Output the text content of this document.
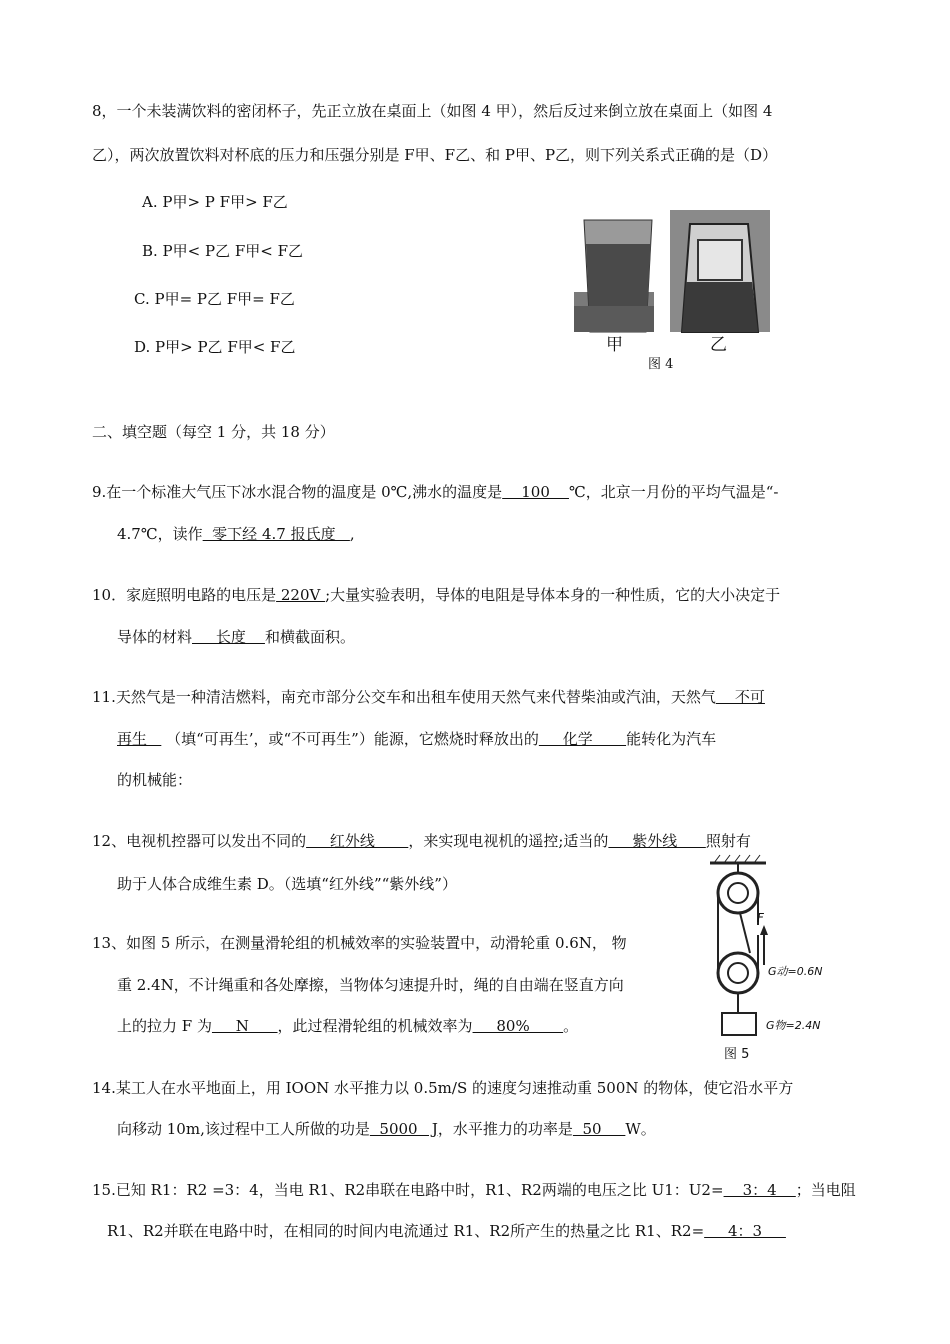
8，一个未装满饮料的密闭杯子，先正立放在桌面上（如图 4 甲），然后反过来倒立放在桌面上（如图 4
乙），两次放置饮料对杯底的压力和压强分别是 F甲、F乙、和 P甲、P乙，则下列关系式正确的是（D）
A. P甲> P F甲> F乙
B. P甲< P乙 F甲< F乙
C. P甲= P乙 F甲= F乙
D. P甲> P乙 F甲< F乙	甲	乙
图 4
二、填空题（每空 1 分，共 18 分）
9.在一个标准大气压下冰水混合物的温度是 0℃,沸水的温度是    100    ℃，北京一月份的平均气温是“-
4.7℃，读作  零下经 4.7 报氏度   ,
10．家庭照明电路的电压是 220V ;大量实验表明，导体的电阻是导体本身的一种性质，它的大小决定于
导体的材料     长度    和横截面积。
11.天然气是一种清洁燃料，南充市部分公交车和出租车使用天然气来代替柴油或汽油，天然气    不可
再生    （填“可再生’，或“不可再生”）能源，它燃烧时释放出的     化学       能转化为汽车
的机械能：
12、电视机控器可以发出不同的     红外线       ，来实现电视机的遥控;适当的     紫外线      照射有
助于人体合成维生素 D。（选填“红外线”“紫外线”）
13、如图 5 所示，在测量滑轮组的机械效率的实验装置中，动滑轮重 0.6N， 物
重 2.4N，不计绳重和各处摩擦，当物体匀速提升时，绳的自由端在竖直方向
上的拉力 F 为     N      ，此过程滑轮组的机械效率为     80%       。
F
G动=0.6N
G物=2.4N
图 5
14.某工人在水平地面上，用 IOON 水平推力以 0.5m/S 的速度匀速推动重 500N 的物体，使它沿水平方
向移动 10m,该过程中工人所做的功是  5000   J，水平推力的功率是  50     W。
15.已知 R1：R2 =3：4，当电 R1、R2串联在电路中时，R1、R2两端的电压之比 U1：U2=    3：4    ；当电阻
R1、R2并联在电路中时，在相同的时间内电流通过 R1、R2所产生的热量之比 R1、R2=     4：3
